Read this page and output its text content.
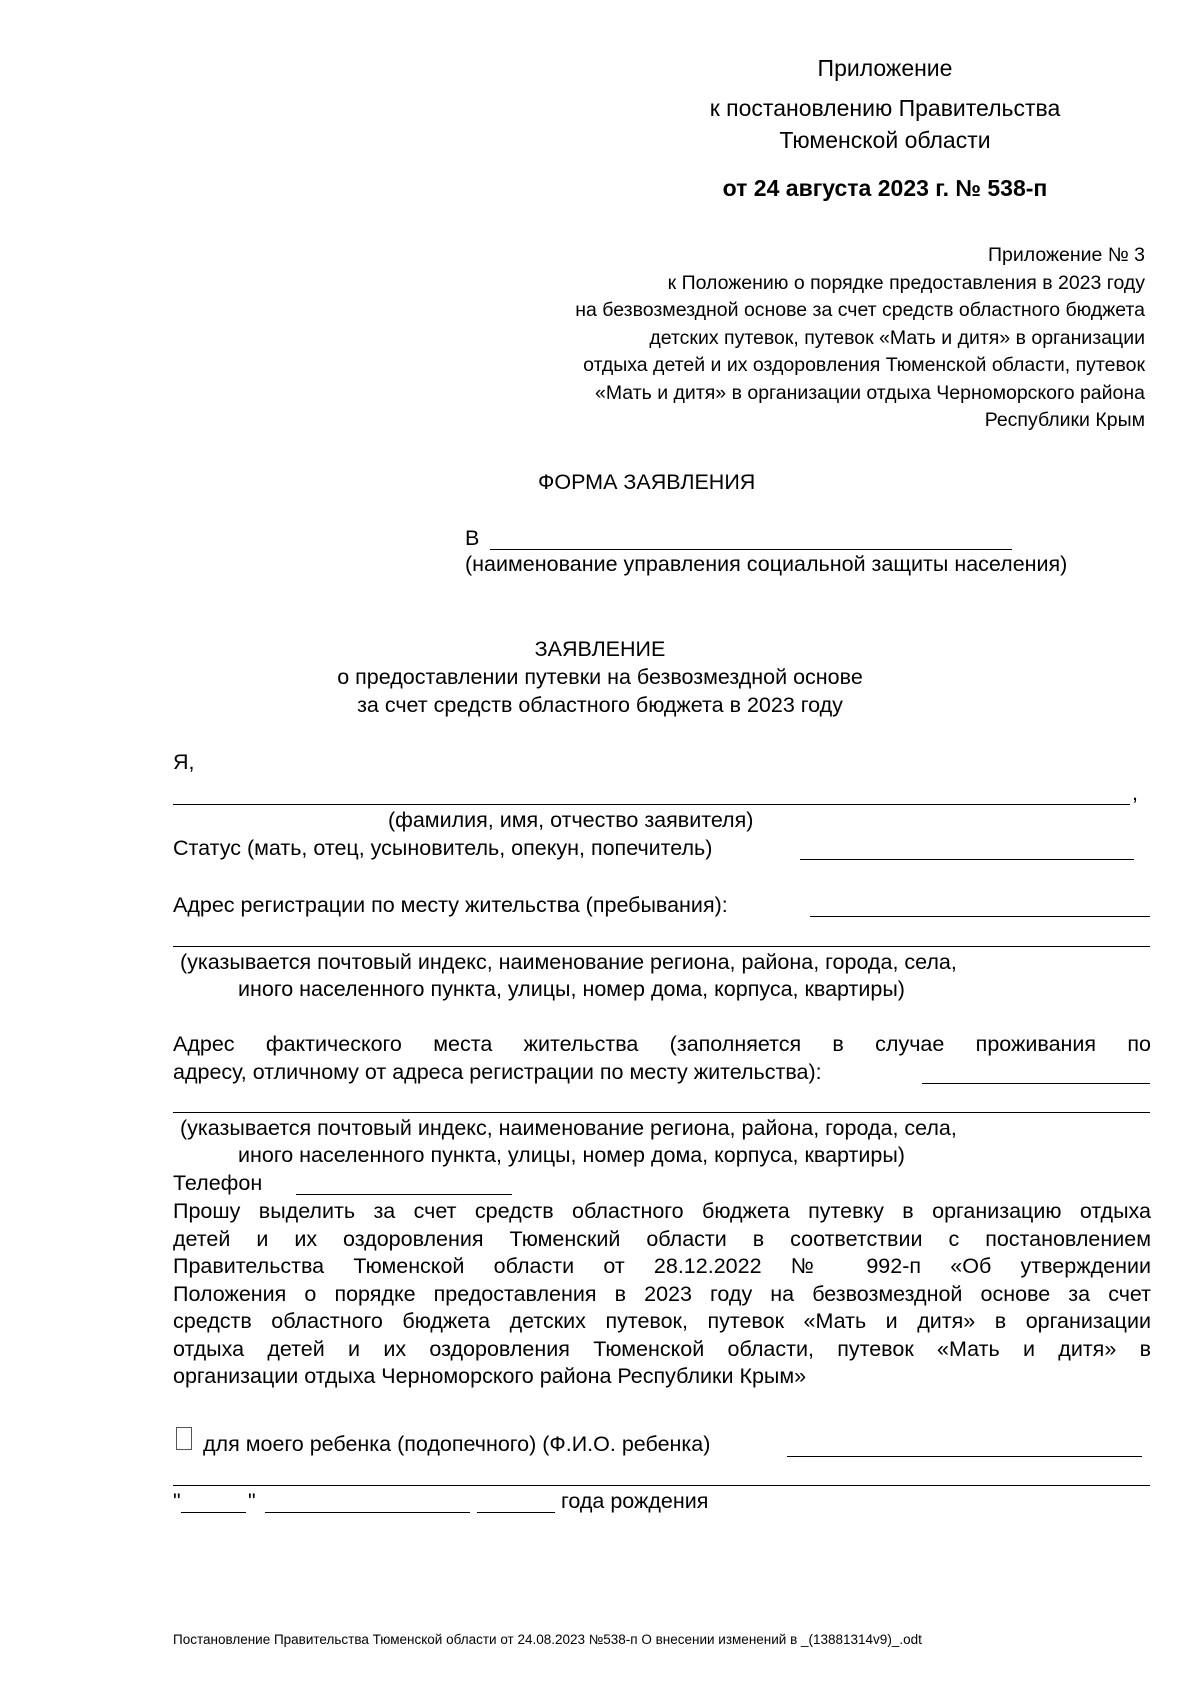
Приложение
к постановлению Правительства
Тюменской области
от 24 августа 2023 г. № 538-п
Приложение № 3
к Положению о порядке предоставления в 2023 году
на безвозмездной основе за счет средств областного бюджета
детских путевок, путевок «Мать и дитя» в организации
отдыха детей и их оздоровления Тюменской области, путевок
«Мать и дитя» в организации отдыха Черноморского района
Республики Крым
ФОРМА ЗАЯВЛЕНИЯ
В
(наименование управления социальной защиты населения)
ЗАЯВЛЕНИЕ
о предоставлении путевки на безвозмездной основе
за счет средств областного бюджета в 2023 году
Я,
,
(фамилия, имя, отчество заявителя)
Статус (мать, отец, усыновитель, опекун, попечитель)
Адрес регистрации по месту жительства (пребывания):
(указывается почтовый индекс, наименование региона, района, города, села,
иного населенного пункта, улицы, номер дома, корпуса, квартиры)
Адрес фактического места жительства (заполняется в случае проживания по
адресу, отличному от адреса регистрации по месту жительства):
(указывается почтовый индекс, наименование региона, района, города, села,
иного населенного пункта, улицы, номер дома, корпуса, квартиры)
Телефон
Прошу выделить за счет средств областного бюджета путевку в организацию отдыха
детей и их оздоровления Тюменский области в соответствии с постановлением
Правительства Тюменской области от 28.12.2022 № 992-п «Об утверждении
Положения о порядке предоставления в 2023 году на безвозмездной основе за счет
средств областного бюджета детских путевок, путевок «Мать и дитя» в организации
отдыха детей и их оздоровления Тюменской области, путевок «Мать и дитя» в
организации отдыха Черноморского района Республики Крым»
для моего ребенка (подопечного) (Ф.И.О. ребенка)
"	"	года рождения
Постановление Правительства Тюменской области от 24.08.2023 №538-п О внесении изменений в _(13881314v9)_.odt
